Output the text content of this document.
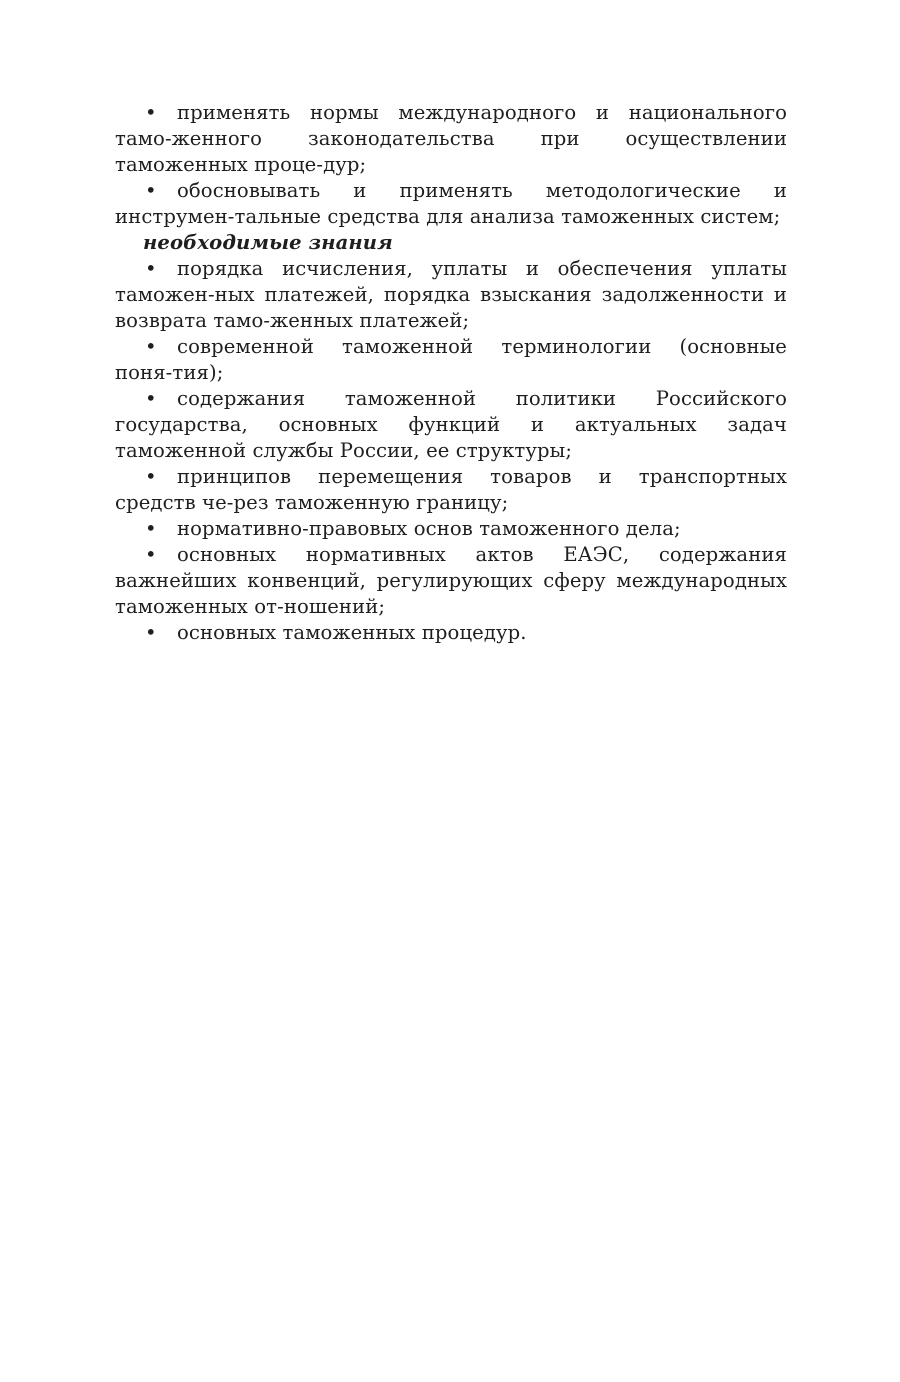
• применять нормы международного и национального тамо-женного законодательства при осуществлении таможенных проце-дур;

• обосновывать и применять методологические и инструмен-тальные средства для анализа таможенных систем;

необходимые знания

• порядка исчисления, уплаты и обеспечения уплаты таможен-ных платежей, порядка взыскания задолженности и возврата тамо-женных платежей;

• современной таможенной терминологии (основные поня-тия);

• содержания таможенной политики Российского государства, основных функций и актуальных задач таможенной службы России, ее структуры;

• принципов перемещения товаров и транспортных средств че-рез таможенную границу;

• нормативно-правовых основ таможенного дела;

• основных нормативных актов ЕАЭС, содержания важнейших конвенций, регулирующих сферу международных таможенных от-ношений;

• основных таможенных процедур.
